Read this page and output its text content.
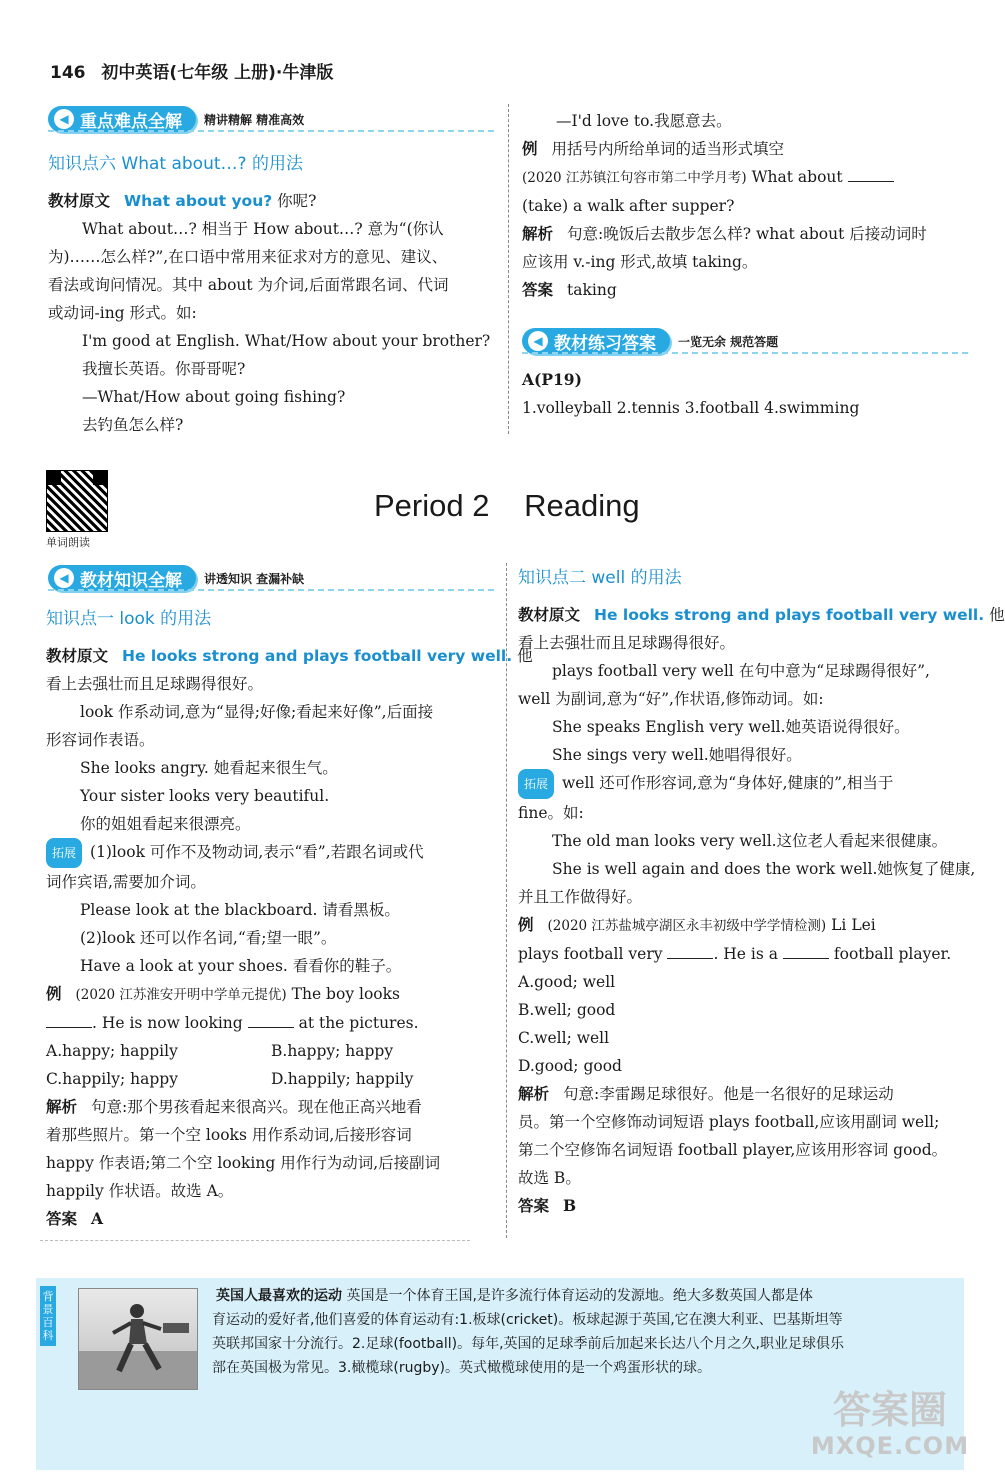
146 初中英语(七年级 上册)·牛津版
◀ 重点难点全解 精讲精解 精准高效
知识点六 What about…? 的用法

教材原文 What about you? 你呢?

What about…? 相当于 How about…? 意为“(你认

为)……怎么样?”,在口语中常用来征求对方的意见、建议、

看法或询问情况。其中 about 为介词,后面常跟名词、代词

或动词-ing 形式。如:

I'm good at English. What/How about your brother?

我擅长英语。你哥哥呢?

—What/How about going fishing?

去钓鱼怎么样?

—I'd love to.我愿意去。

例 用括号内所给单词的适当形式填空

(2020 江苏镇江句容市第二中学月考) What about

(take) a walk after supper?

解析 句意:晚饭后去散步怎么样? what about 后接动词时

应该用 v.-ing 形式,故填 taking。

答案 taking

◀ 教材练习答案 一览无余 规范答题

A(P19)

1.volleyball 2.tennis 3.football 4.swimming

单词朗读
Period 2 Reading
◀ 教材知识全解 讲透知识 查漏补缺
知识点一 look 的用法

教材原文 He looks strong and plays football very well. 他

看上去强壮而且足球踢得很好。

look 作系动词,意为“显得;好像;看起来好像”,后面接

形容词作表语。

She looks angry. 她看起来很生气。

Your sister looks very beautiful.

你的姐姐看起来很漂亮。

拓展 (1)look 可作不及物动词,表示“看”,若跟名词或代

词作宾语,需要加介词。

Please look at the blackboard. 请看黑板。

(2)look 还可以作名词,“看;望一眼”。

Have a look at your shoes. 看看你的鞋子。

例 (2020 江苏淮安开明中学单元提优) The boy looks

. He is now looking	at the pictures.

A.happy; happily	B.happy; happy

C.happily; happy	D.happily; happily

解析 句意:那个男孩看起来很高兴。现在他正高兴地看

着那些照片。第一个空 looks 用作系动词,后接形容词

happy 作表语;第二个空 looking 用作行为动词,后接副词

happily 作状语。故选 A。

答案 A

知识点二 well 的用法

教材原文 He looks strong and plays football very well. 他

看上去强壮而且足球踢得很好。

plays football very well 在句中意为“足球踢得很好”,

well 为副词,意为“好”,作状语,修饰动词。如:

She speaks English very well.她英语说得很好。

She sings very well.她唱得很好。

拓展 well 还可作形容词,意为“身体好,健康的”,相当于

fine。如:

The old man looks very well.这位老人看起来很健康。

She is well again and does the work well.她恢复了健康,

并且工作做得好。

例 (2020 江苏盐城亭湖区永丰初级中学学情检测) Li Lei

plays football very	. He is a	football player.

A.good; well

B.well; good

C.well; well

D.good; good

解析 句意:李雷踢足球很好。他是一名很好的足球运动

员。第一个空修饰动词短语 plays football,应该用副词 well;

第二个空修饰名词短语 football player,应该用形容词 good。

故选 B。

答案 B

背景百科
英国人最喜欢的运动 英国是一个体育王国,是许多流行体育运动的发源地。绝大多数英国人都是体
育运动的爱好者,他们喜爱的体育运动有:1.板球(cricket)。板球起源于英国,它在澳大利亚、巴基斯坦等
英联邦国家十分流行。2.足球(football)。每年,英国的足球季前后加起来长达八个月之久,职业足球俱乐
部在英国极为常见。3.橄榄球(rugby)。英式橄榄球使用的是一个鸡蛋形状的球。
答案圈
MXQE.COM
